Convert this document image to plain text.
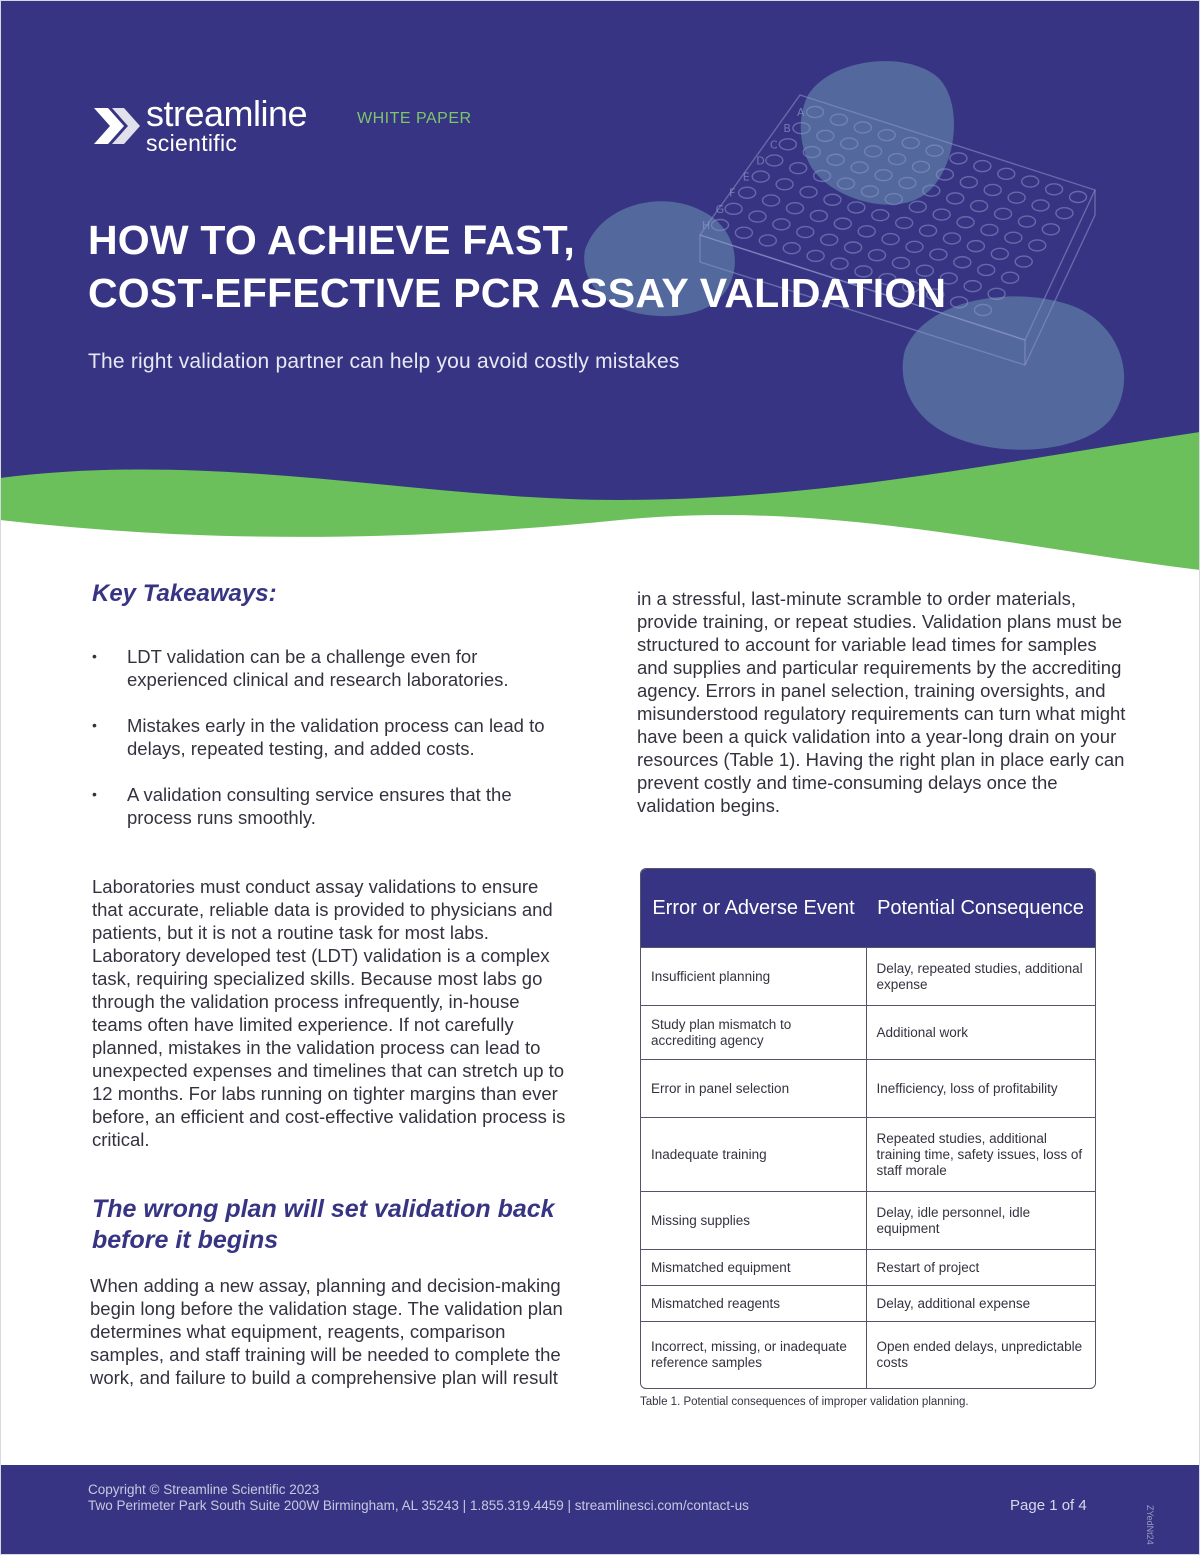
A
B
C
D
E
F
G
H
streamline
scientific
WHITE PAPER
HOW TO ACHIEVE FAST,
COST-EFFECTIVE PCR ASSAY VALIDATION
The right validation partner can help you avoid costly mistakes
Key Takeaways:
• LDT validation can be a challenge even for experienced clinical and research laboratories.
• Mistakes early in the validation process can lead to delays, repeated testing, and added costs.
• A validation consulting service ensures that the process runs smoothly.

Laboratories must conduct assay validations to ensure that accurate, reliable data is provided to physicians and patients, but it is not a routine task for most labs. Laboratory developed test (LDT) validation is a complex task, requiring specialized skills. Because most labs go through the validation process infrequently, in-house teams often have limited experience. If not carefully planned, mistakes in the validation process can lead to unexpected expenses and timelines that can stretch up to 12 months. For labs running on tighter margins than ever before, an efficient and cost-effective validation process is critical.

The wrong plan will set validation back before it begins

When adding a new assay, planning and decision-making begin long before the validation stage. The validation plan determines what equipment, reagents, comparison samples, and staff training will be needed to complete the work, and failure to build a comprehensive plan will result

in a stressful, last-minute scramble to order materials, provide training, or repeat studies. Validation plans must be structured to account for variable lead times for samples and supplies and particular requirements by the accrediting agency. Errors in panel selection, training oversights, and misunderstood regulatory requirements can turn what might have been a quick validation into a year-long drain on your resources (Table 1). Having the right plan in place early can prevent costly and time-consuming delays once the validation begins.

Error or Adverse Event	Potential Consequence
Insufficient planning	Delay, repeated studies, additional expense
Study plan mismatch to accrediting agency	Additional work
Error in panel selection	Inefficiency, loss of profitability
Inadequate training	Repeated studies, additional training time, safety issues, loss of staff morale
Missing supplies	Delay, idle personnel, idle equipment
Mismatched equipment	Restart of project
Mismatched reagents	Delay, additional expense
Incorrect, missing, or inadequate reference samples	Open ended delays, unpredictable costs
Table 1. Potential consequences of improper validation planning.
Copyright © Streamline Scientific 2023
Two Perimeter Park South Suite 200W Birmingham, AL 35243 | 1.855.319.4459 | streamlinesci.com/contact-us	Page 1 of 4	ZYedNt24
